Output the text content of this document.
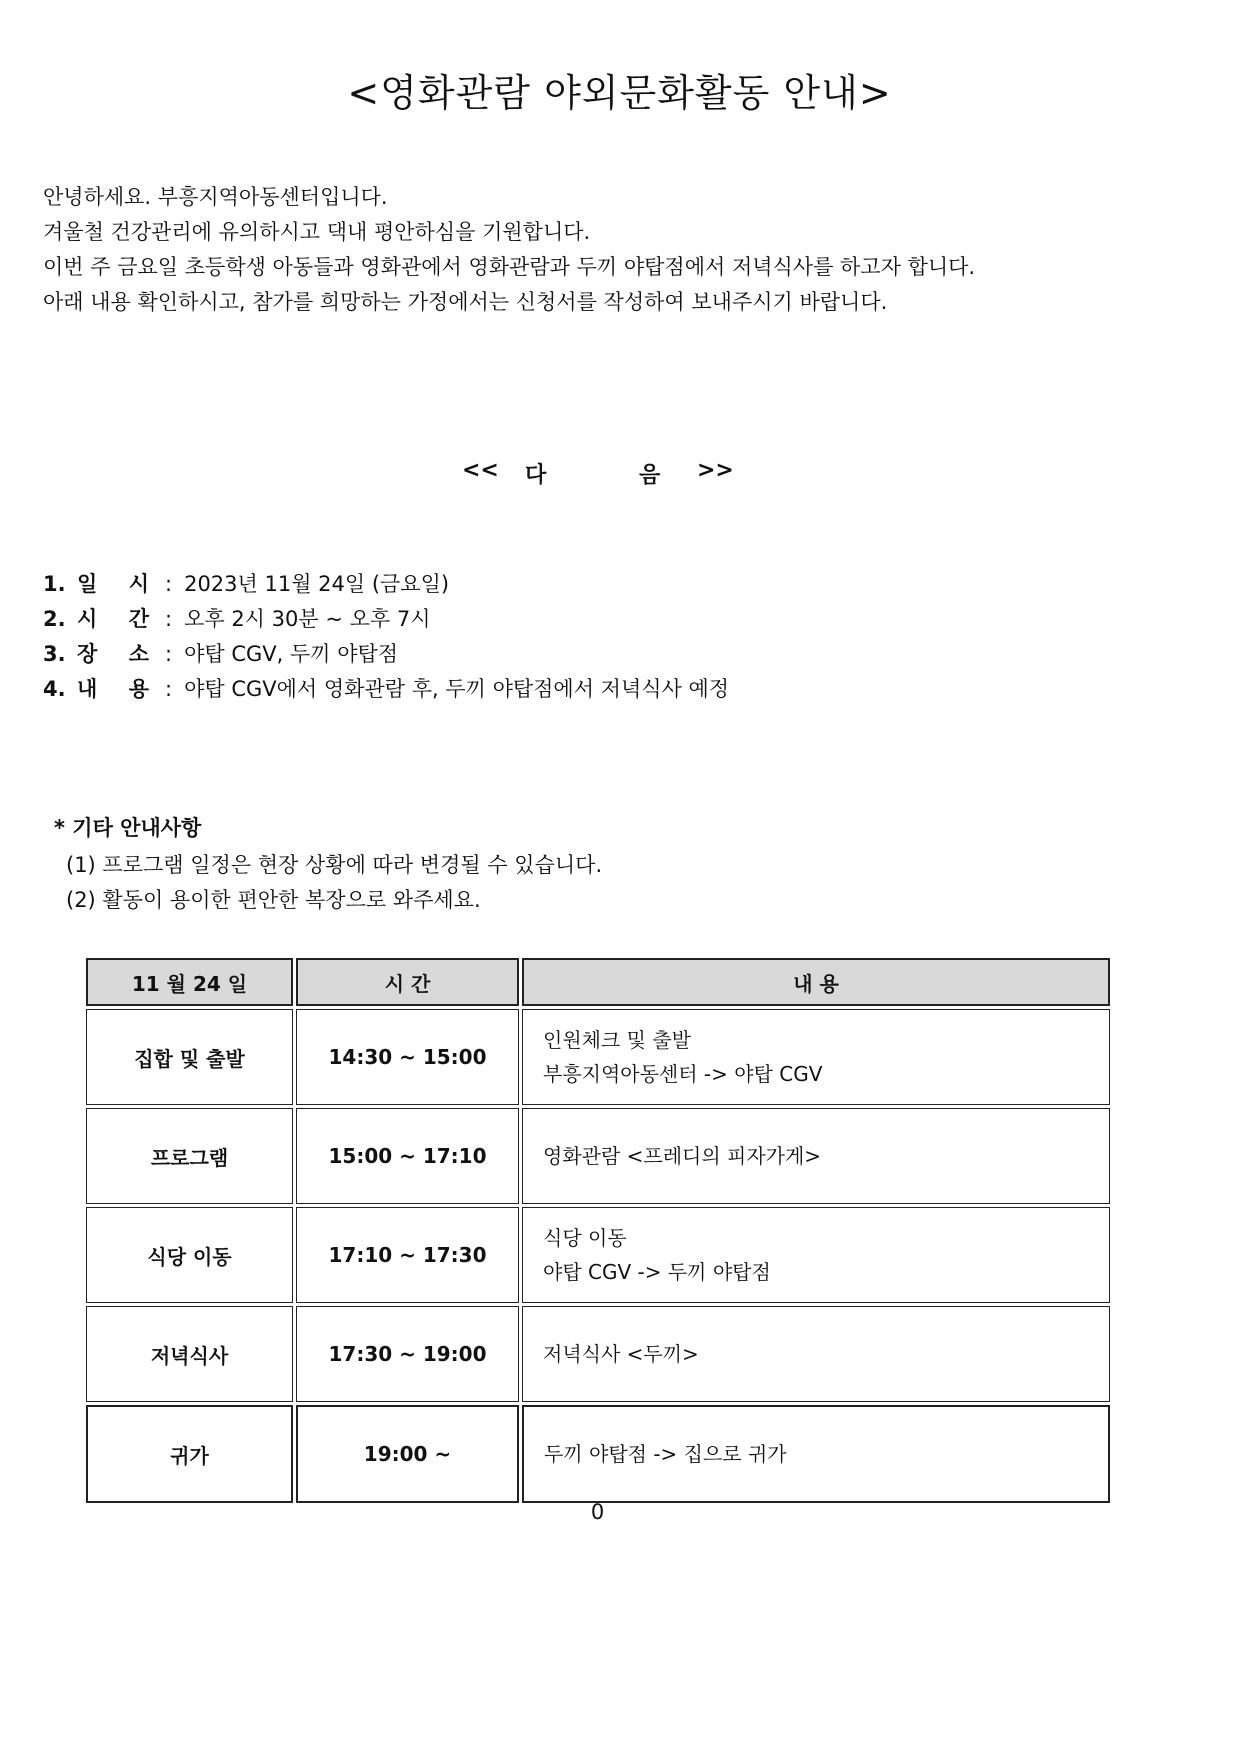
<영화관람 야외문화활동 안내>

안녕하세요. 부흥지역아동센터입니다.

겨울철 건강관리에 유의하시고 댁내 평안하심을 기원합니다.

이번 주 금요일 초등학생 아동들과 영화관에서 영화관람과 두끼 야탑점에서 저녁식사를 하고자 합니다.

아래 내용 확인하시고, 참가를 희망하는 가정에서는 신청서를 작성하여 보내주시기 바랍니다.

<< 다	음 >>
1. 일 시 : 2023년 11월 24일 (금요일)
2. 시 간 : 오후 2시 30분 ~ 오후 7시
3. 장 소 : 야탑 CGV, 두끼 야탑점
4. 내 용 : 야탑 CGV에서 영화관람 후, 두끼 야탑점에서 저녁식사 예정
* 기타 안내사항

(1) 프로그램 일정은 현장 상황에 따라 변경될 수 있습니다.

(2) 활동이 용이한 편안한 복장으로 와주세요.

11 월 24 일	시 간	내 용
집합 및 출발	14:30 ~ 15:00	인원체크 및 출발
부흥지역아동센터 -> 야탑 CGV

프로그램	15:00 ~ 17:10	영화관람 <프레디의 피자가게>

식당 이동	17:10 ~ 17:30	식당 이동
야탑 CGV -> 두끼 야탑점

저녁식사	17:30 ~ 19:00	저녁식사 <두끼>

귀가	19:00 ~	두끼 야탑점 -> 집으로 귀가
0
